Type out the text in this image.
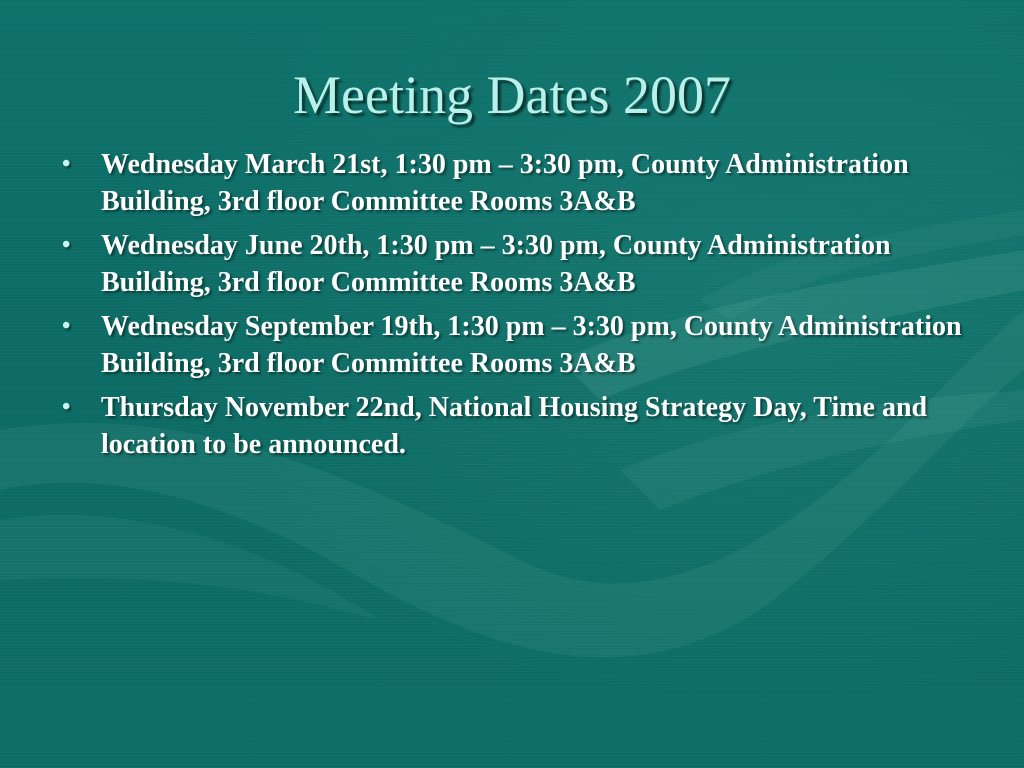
Meeting Dates 2007
• Wednesday March 21st, 1:30 pm – 3:30 pm, County Administration Building, 3rd floor Committee Rooms 3A&B
• Wednesday June 20th, 1:30 pm – 3:30 pm, County Administration Building, 3rd floor Committee Rooms 3A&B
• Wednesday September 19th, 1:30 pm – 3:30 pm, County Administration Building, 3rd floor Committee Rooms 3A&B
• Thursday November 22nd, National Housing Strategy Day, Time and location to be announced.
